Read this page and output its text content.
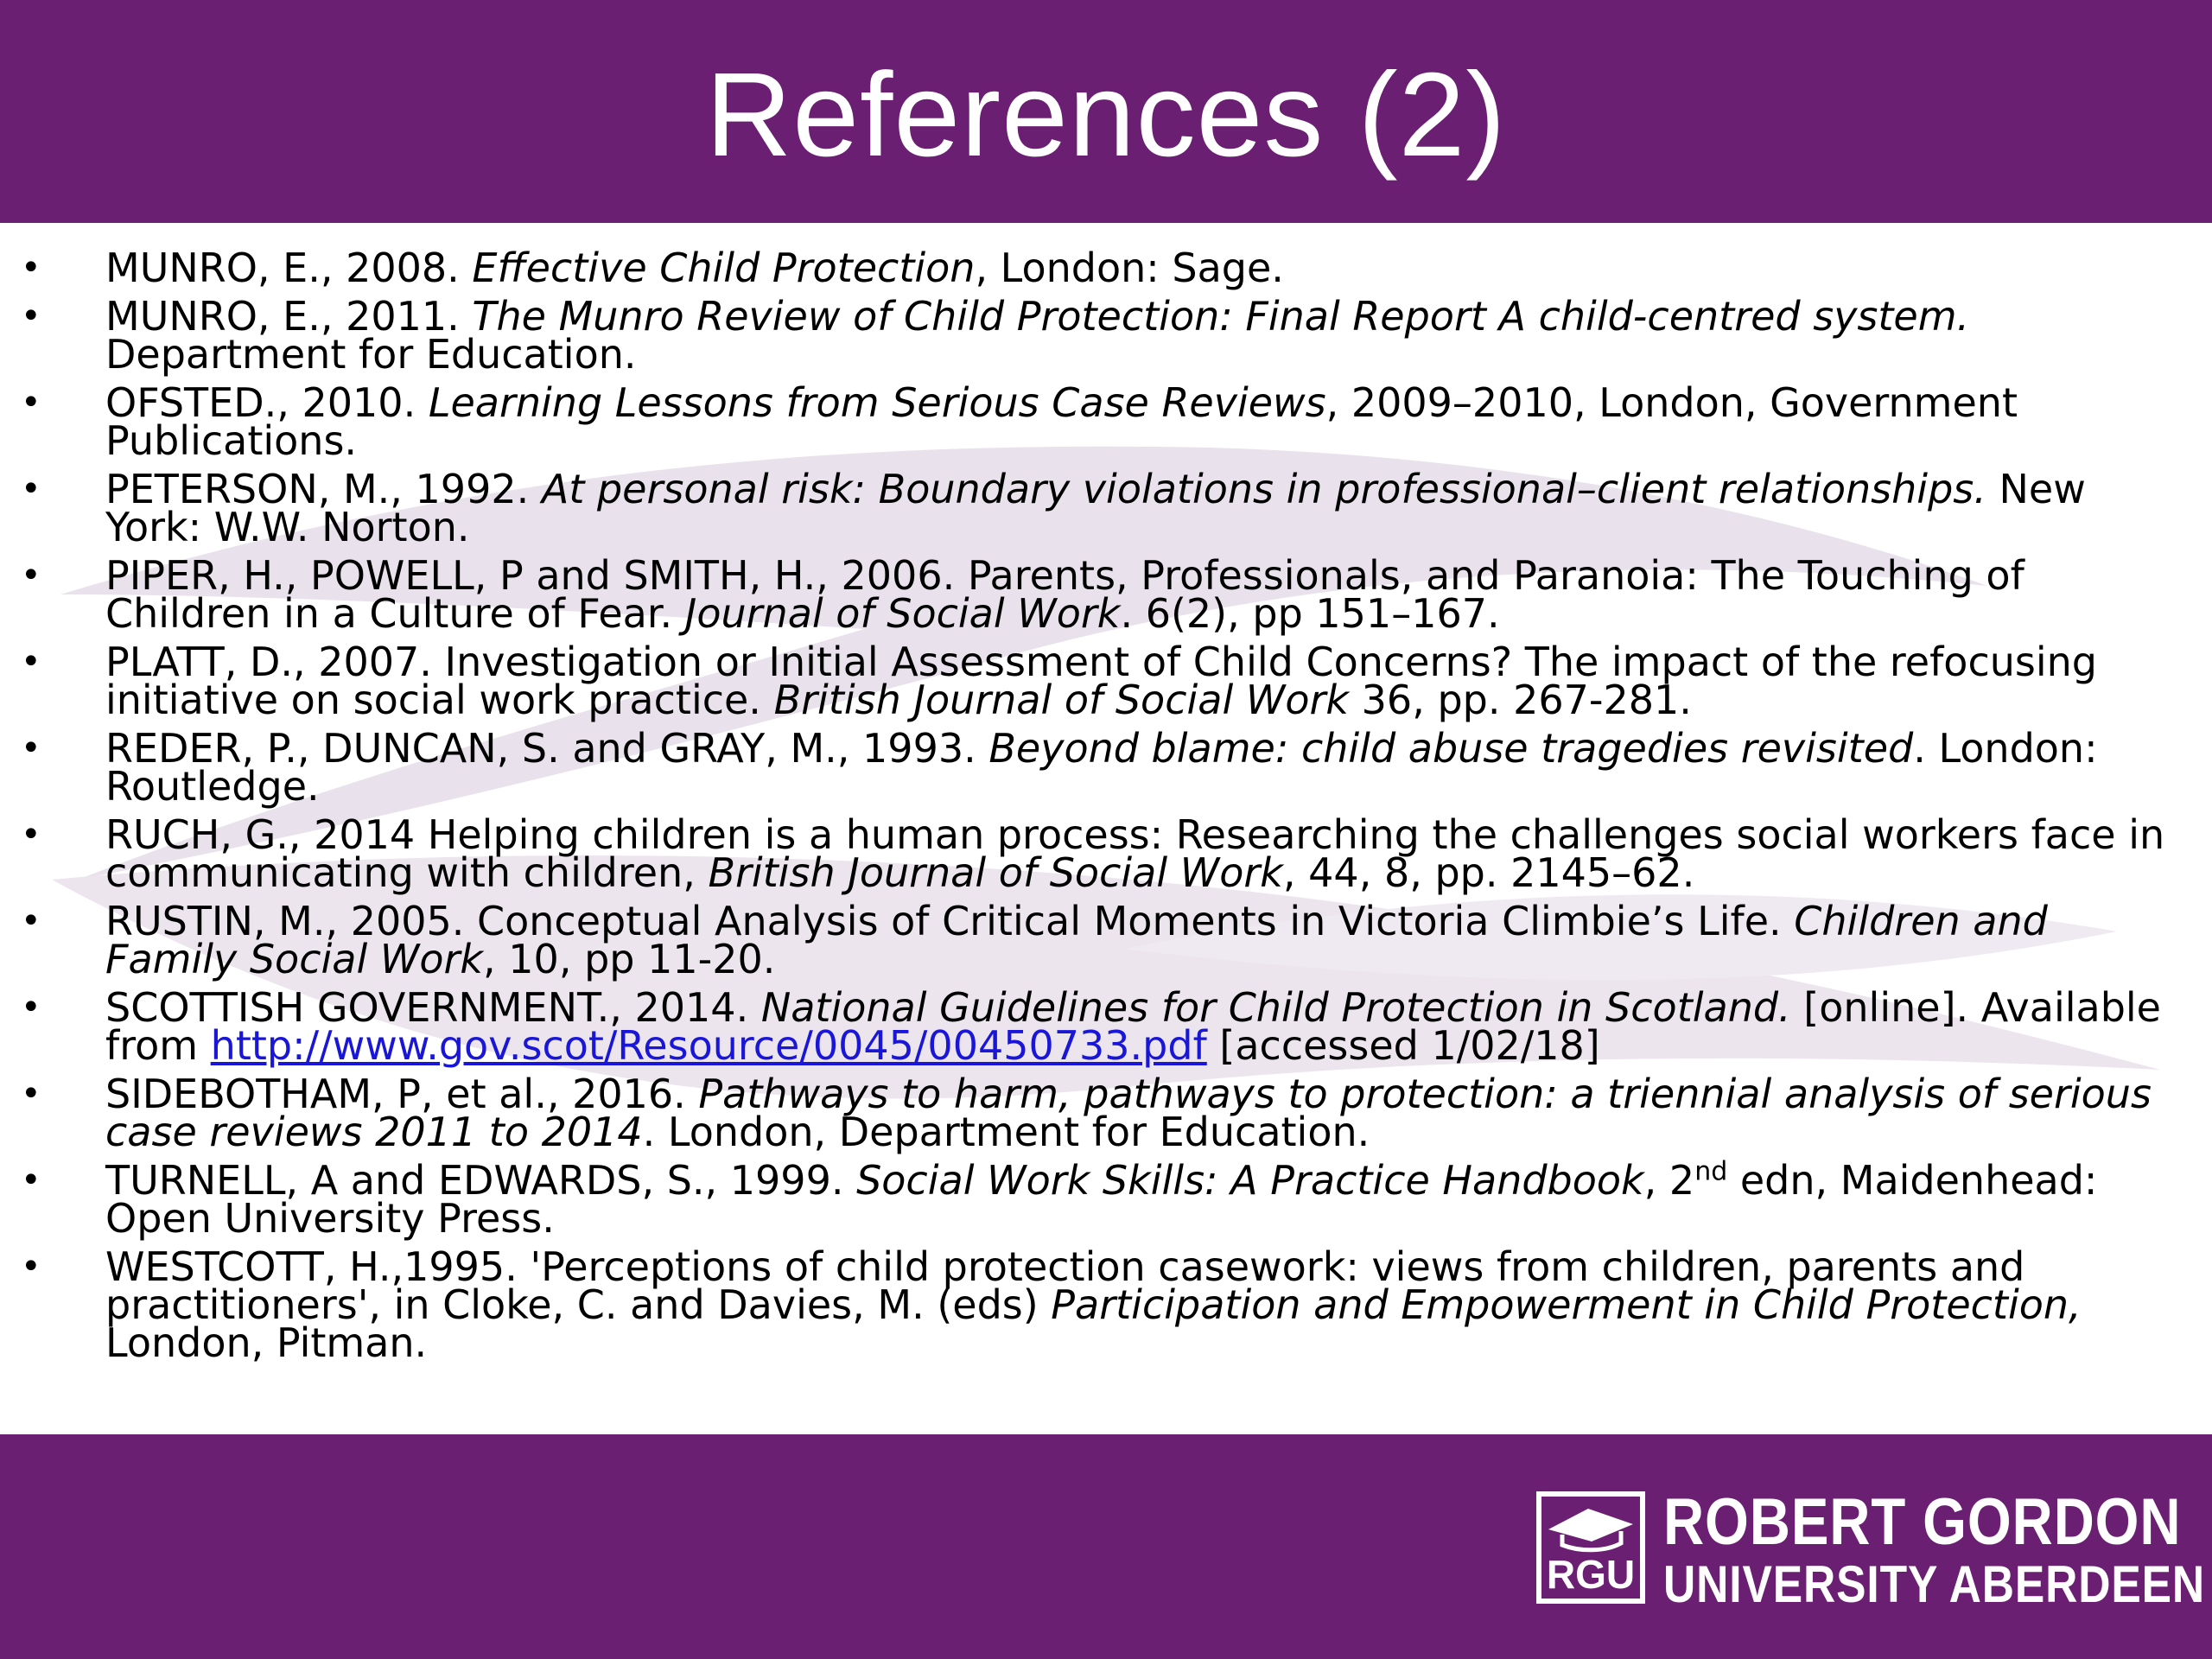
References (2)
• MUNRO, E., 2008. Effective Child Protection, London: Sage.
• MUNRO, E., 2011. The Munro Review of Child Protection: Final Report A child-centred system. Department for Education.
• OFSTED., 2010. Learning Lessons from Serious Case Reviews, 2009–2010, London, Government Publications.
• PETERSON, M., 1992. At personal risk: Boundary violations in professional–client relationships. New York: W.W. Norton.
• PIPER, H., POWELL, P and SMITH, H., 2006. Parents, Professionals, and Paranoia: The Touching of Children in a Culture of Fear. Journal of Social Work. 6(2), pp 151–167.
• PLATT, D., 2007. Investigation or Initial Assessment of Child Concerns? The impact of the refocusing initiative on social work practice. British Journal of Social Work 36, pp. 267-281.
• REDER, P., DUNCAN, S. and GRAY, M., 1993. Beyond blame: child abuse tragedies revisited. London: Routledge.
• RUCH, G., 2014 Helping children is a human process: Researching the challenges social workers face in communicating with children, British Journal of Social Work, 44, 8, pp. 2145–62.
• RUSTIN, M., 2005. Conceptual Analysis of Critical Moments in Victoria Climbie’s Life. Children and Family Social Work, 10, pp 11-20.
• SCOTTISH GOVERNMENT., 2014. National Guidelines for Child Protection in Scotland. [online]. Available from http://www.gov.scot/Resource/0045/00450733.pdf [accessed 1/02/18]
• SIDEBOTHAM, P, et al., 2016. Pathways to harm, pathways to protection: a triennial analysis of serious case reviews 2011 to 2014. London, Department for Education.
• TURNELL, A and EDWARDS, S., 1999. Social Work Skills: A Practice Handbook, 2nd edn, Maidenhead: Open University Press.
• WESTCOTT, H.,1995. 'Perceptions of child protection casework: views from children, parents and practitioners', in Cloke, C. and Davies, M. (eds) Participation and Empowerment in Child Protection, London, Pitman.
RGU
ROBERT GORDON
UNIVERSITY ABERDEEN
